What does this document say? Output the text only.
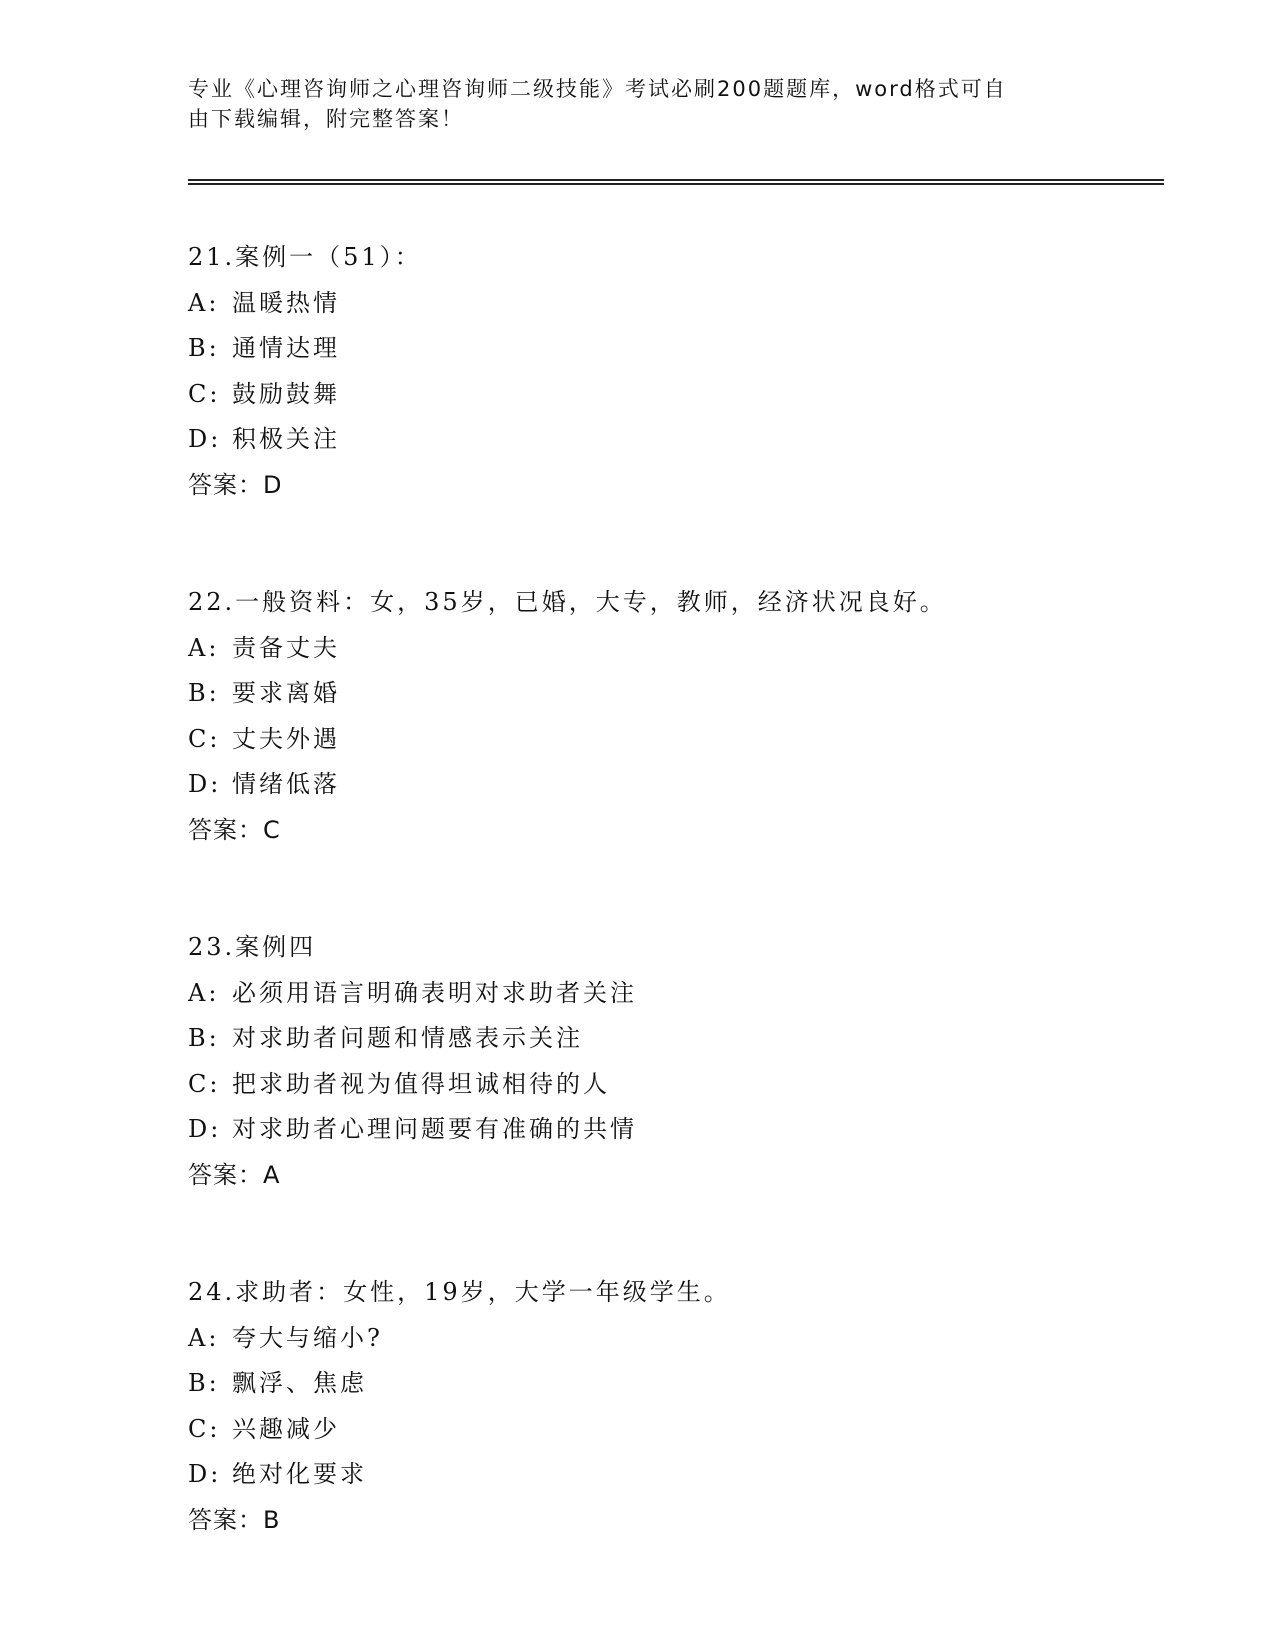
专业《心理咨询师之心理咨询师二级技能》考试必刷200题题库，word格式可自
由下载编辑，附完整答案！
21.案例一（51）：
A: 温暖热情
B: 通情达理
C: 鼓励鼓舞
D: 积极关注
答案：D
22.一般资料：女，35岁，已婚，大专，教师，经济状况良好。
A: 责备丈夫
B: 要求离婚
C: 丈夫外遇
D: 情绪低落
答案：C
23.案例四
A: 必须用语言明确表明对求助者关注
B: 对求助者问题和情感表示关注
C: 把求助者视为值得坦诚相待的人
D: 对求助者心理问题要有准确的共情
答案：A
24.求助者：女性，19岁，大学一年级学生。
A: 夸大与缩小?
B: 飘浮、焦虑
C: 兴趣减少
D: 绝对化要求
答案：B
